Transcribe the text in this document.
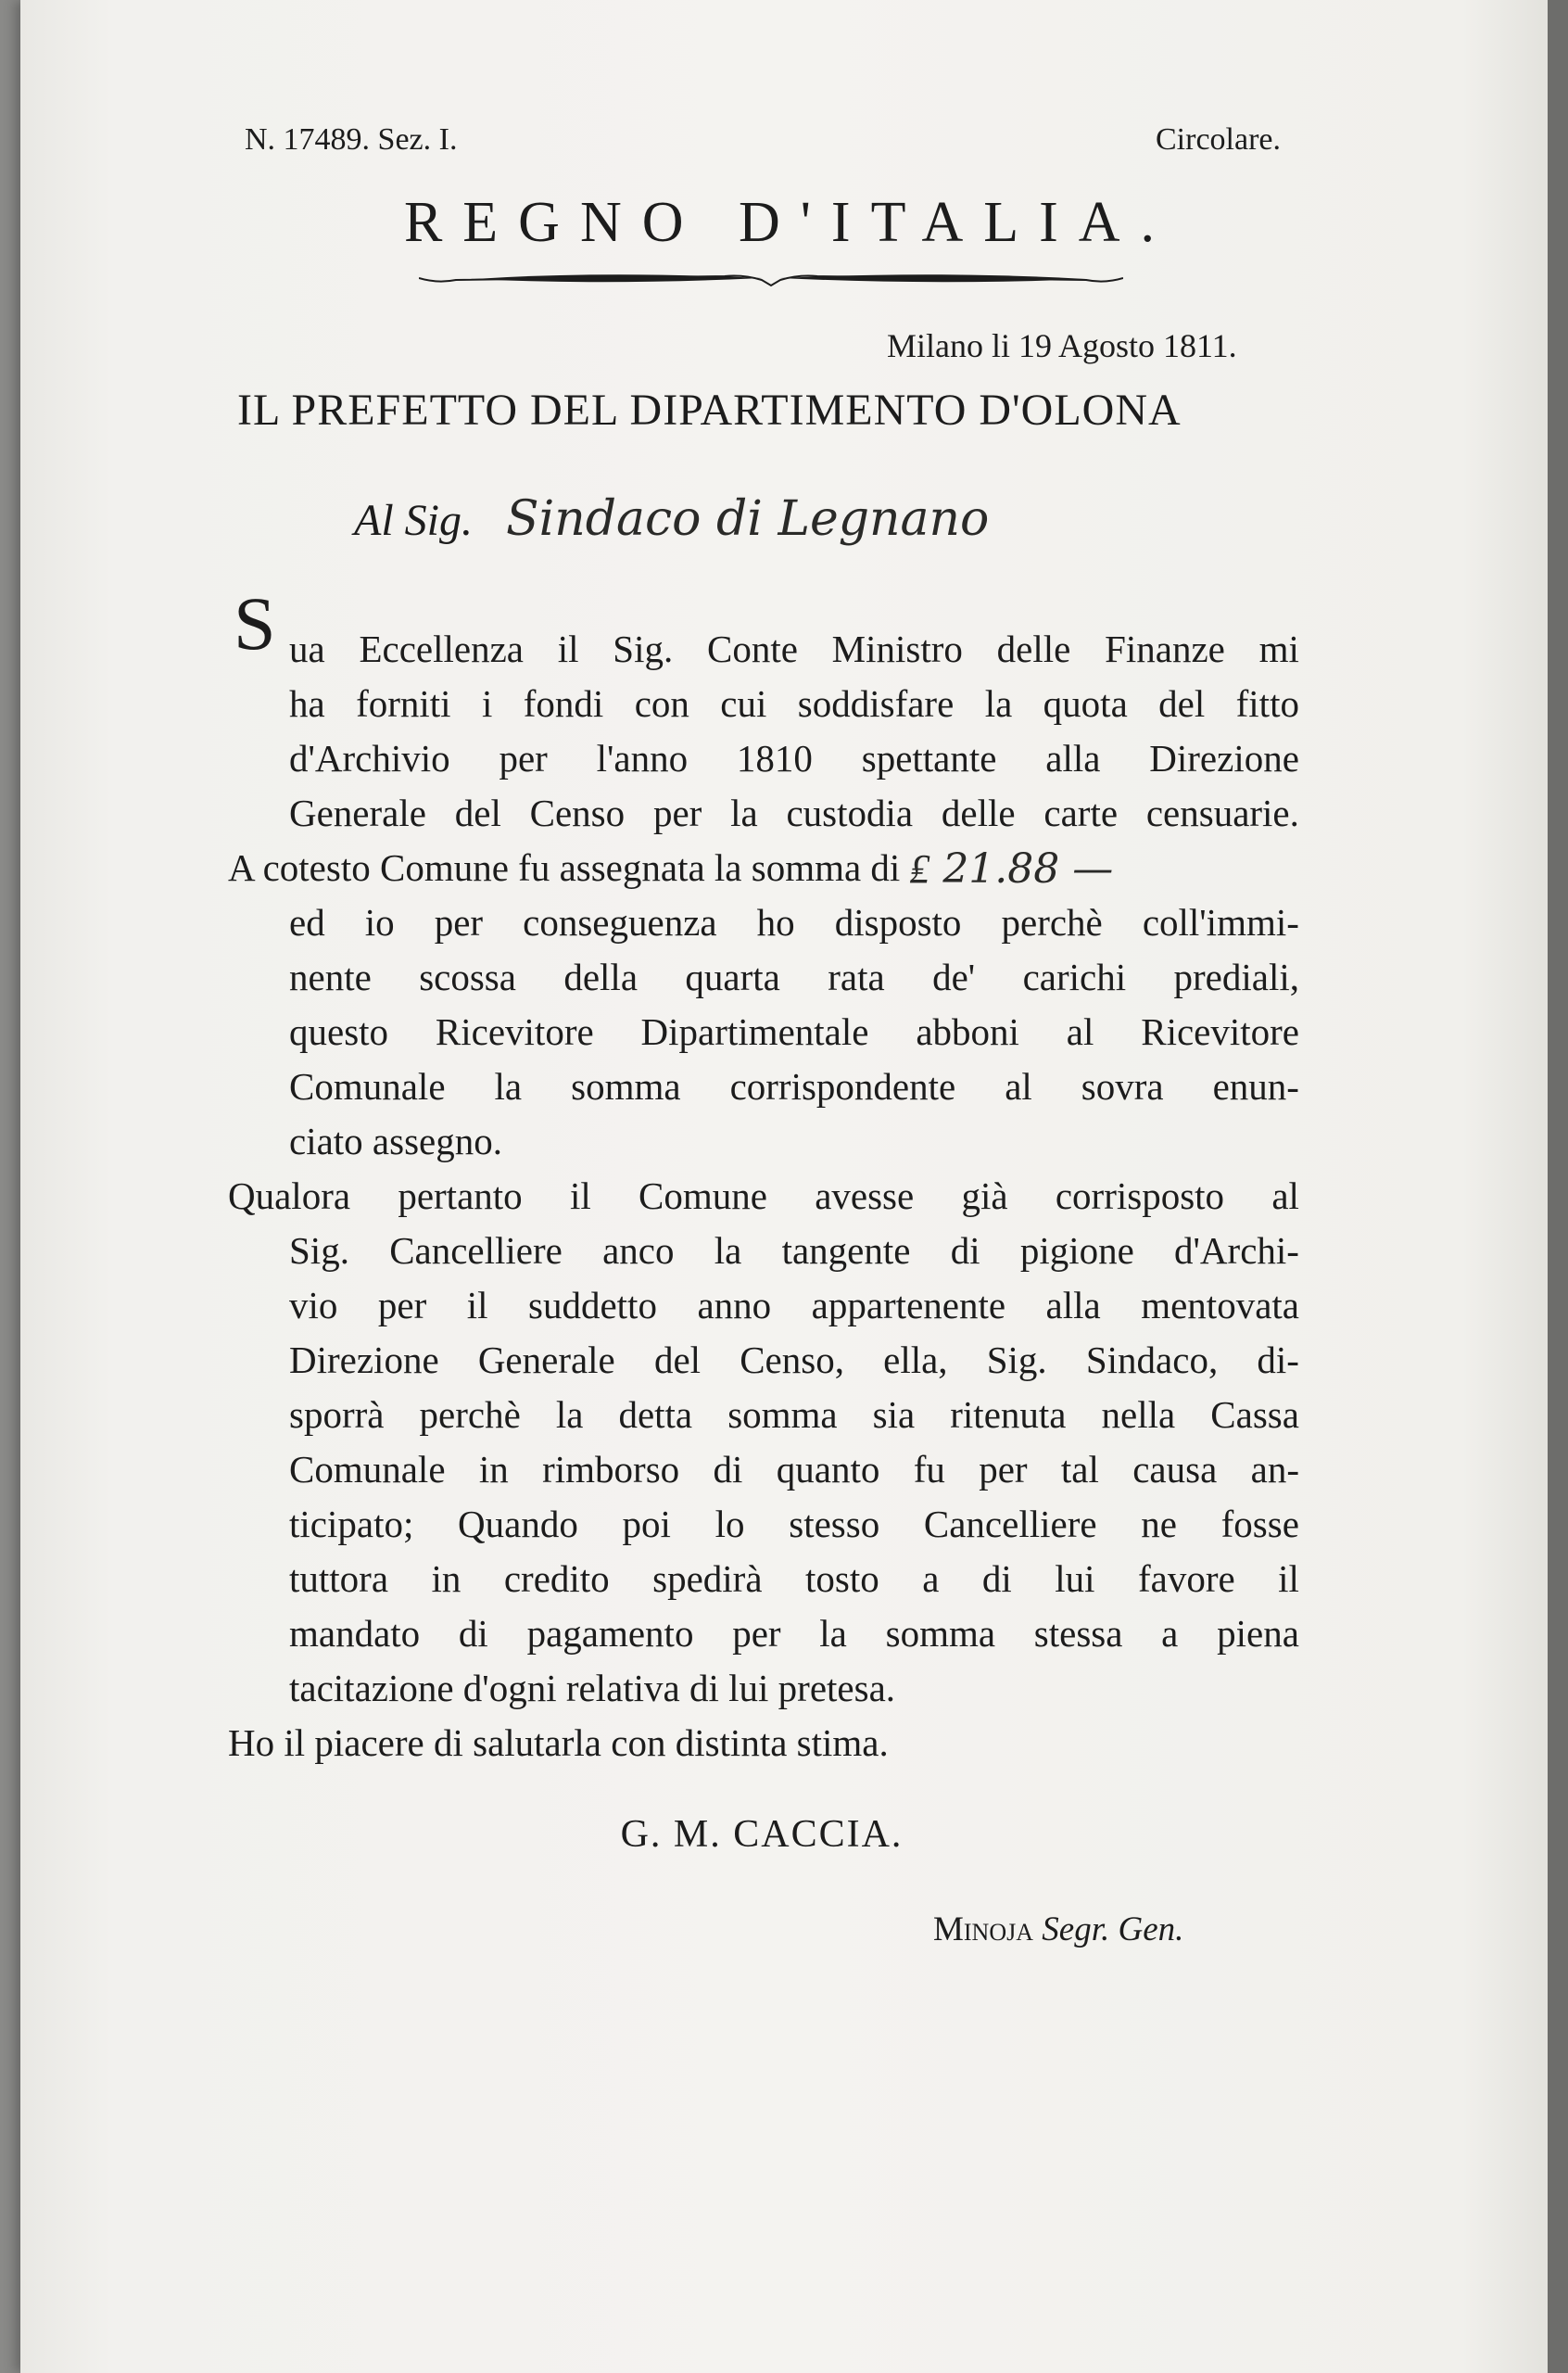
N. 17489. Sez. I.	Circolare.
REGNO D'ITALIA.
Milano li 19 Agosto 1811.
IL PREFETTO DEL DIPARTIMENTO D'OLONA
Al Sig. Sindaco di Legnano
S ua Eccellenza il Sig. Conte Ministro delle Finanze mi
ha forniti i fondi con cui soddisfare la quota del fitto
d'Archivio per l'anno 1810 spettante alla Direzione
Generale del Censo per la custodia delle carte censuarie.
A cotesto Comune fu assegnata la somma di ₤ 21.88 —
ed io per conseguenza ho disposto perchè coll'immi-
nente scossa della quarta rata de' carichi prediali,
questo Ricevitore Dipartimentale abboni al Ricevitore
Comunale la somma corrispondente al sovra enun-
ciato assegno.
Qualora pertanto il Comune avesse già corrisposto al
Sig. Cancelliere anco la tangente di pigione d'Archi-
vio per il suddetto anno appartenente alla mentovata
Direzione Generale del Censo, ella, Sig. Sindaco, di-
sporrà perchè la detta somma sia ritenuta nella Cassa
Comunale in rimborso di quanto fu per tal causa an-
ticipato; Quando poi lo stesso Cancelliere ne fosse
tuttora in credito spedirà tosto a di lui favore il
mandato di pagamento per la somma stessa a piena
tacitazione d'ogni relativa di lui pretesa.
Ho il piacere di salutarla con distinta stima.
G. M. CACCIA.
Minoja Segr. Gen.
